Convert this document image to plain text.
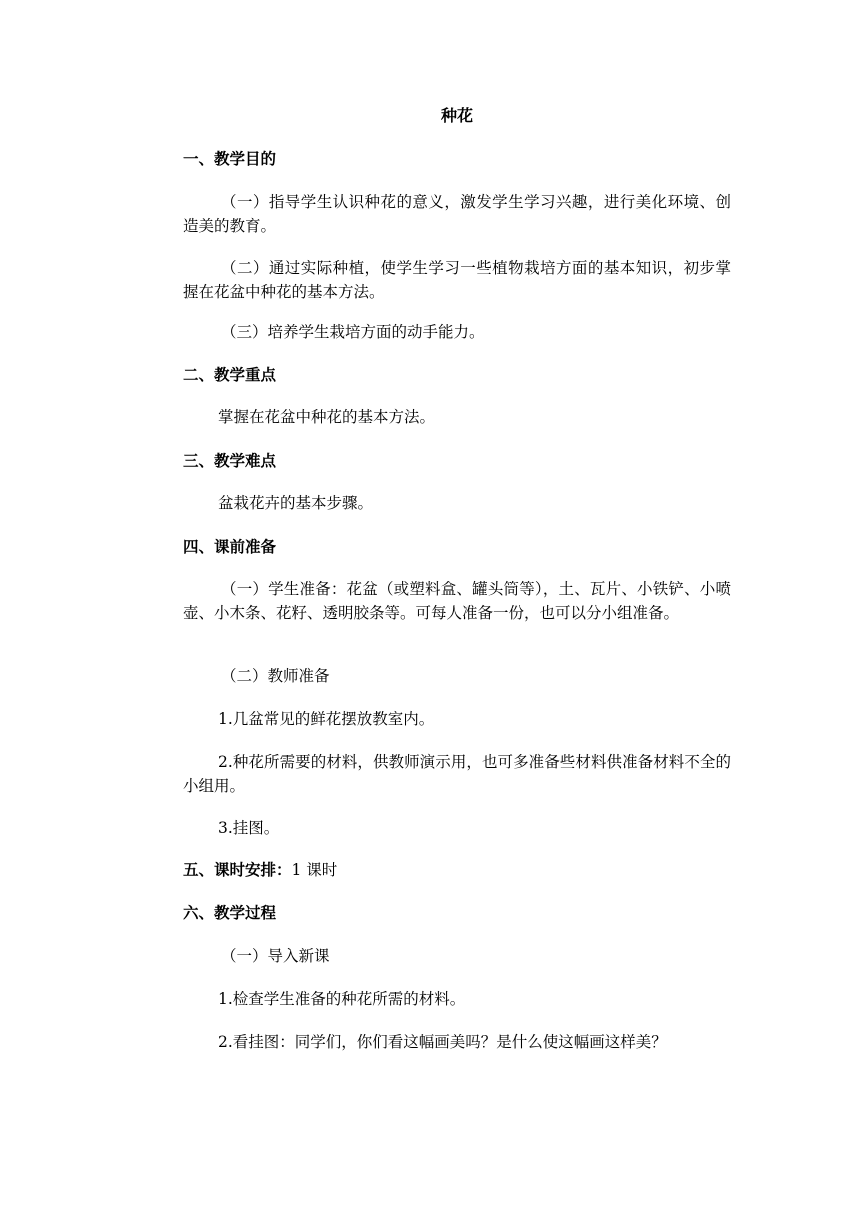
种花
一、教学目的
（一）指导学生认识种花的意义，激发学生学习兴趣，进行美化环境、创造美的教育。
（二）通过实际种植，使学生学习一些植物栽培方面的基本知识，初步掌握在花盆中种花的基本方法。
（三）培养学生栽培方面的动手能力。
二、教学重点
掌握在花盆中种花的基本方法。
三、教学难点
盆栽花卉的基本步骤。
四、课前准备
（一）学生准备：花盆（或塑料盒、罐头筒等），土、瓦片、小铁铲、小喷壶、小木条、花籽、透明胶条等。可每人准备一份，也可以分小组准备。
（二）教师准备
1.几盆常见的鲜花摆放教室内。
2.种花所需要的材料，供教师演示用，也可多准备些材料供准备材料不全的小组用。
3.挂图。
五、课时安排：1 课时
六、教学过程
（一）导入新课
1.检查学生准备的种花所需的材料。
2.看挂图：同学们，你们看这幅画美吗？是什么使这幅画这样美？
